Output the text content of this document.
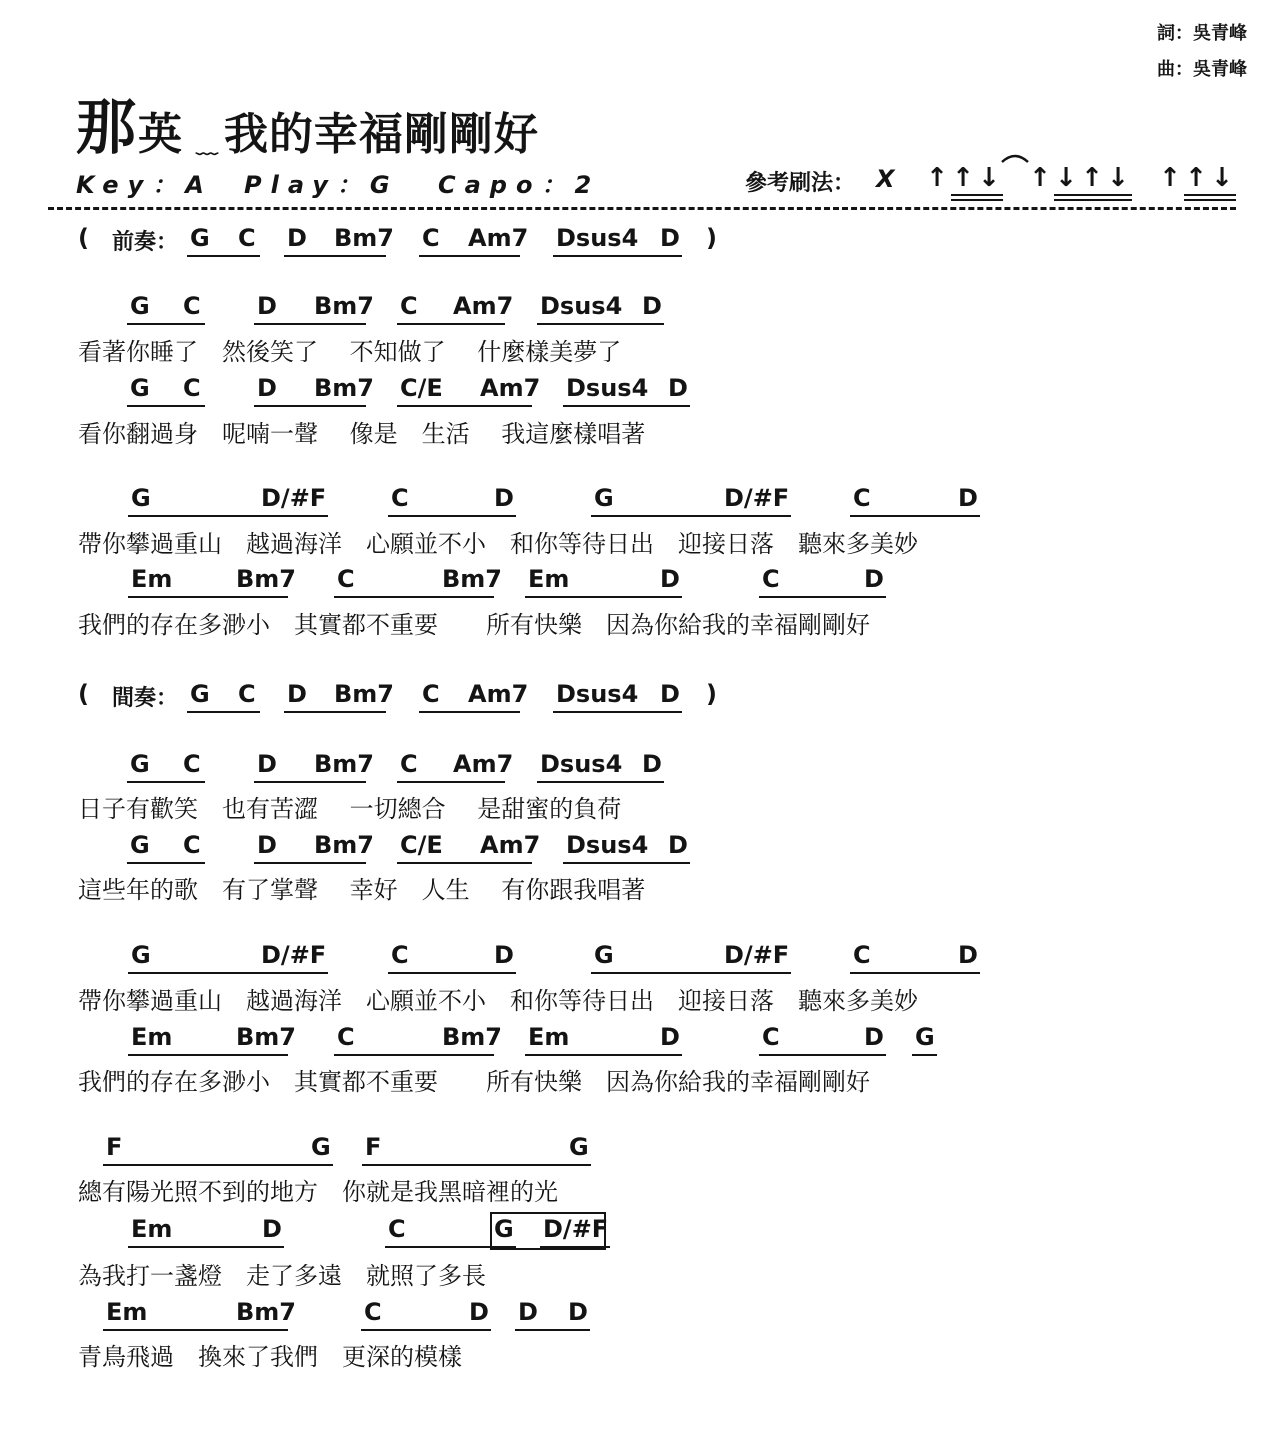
詞：吳青峰
曲：吳青峰
那 英 ﹏ 我的幸福剛剛好
Key：A Play：G Capo：2	參考刷法： X ↑ ↑ ↓ ↑ ↓ ↑ ↓ ↑ ↑ ↓
( 前奏：	)
G C D Bm7 C Am7 Dsus4 D
G C D Bm7 C Am7 Dsus4 D
看著你睡了　然後笑了　 不知做了　 什麼樣美夢了
G C D Bm7 C/E Am7 Dsus4 D
看你翻過身　呢喃一聲　 像是　生活　 我這麼樣唱著
G	D/#F	C	D	G	D/#F	C	D
帶你攀過重山　越過海洋　心願並不小　和你等待日出　迎接日落　聽來多美妙
Em	Bm7 C	Bm7 Em	D	C	D
我們的存在多渺小　其實都不重要　　所有快樂　因為你給我的幸福剛剛好
( 間奏：	)
G C D Bm7 C Am7 Dsus4 D
G C D Bm7 C Am7 Dsus4 D
日子有歡笑　也有苦澀　 一切總合　 是甜蜜的負荷
G C D Bm7 C/E Am7 Dsus4 D
這些年的歌　有了掌聲　 幸好　人生　 有你跟我唱著
G	D/#F	C	D	G	D/#F	C	D
帶你攀過重山　越過海洋　心願並不小　和你等待日出　迎接日落　聽來多美妙
Em	Bm7 C	Bm7 Em	D	C	D G
我們的存在多渺小　其實都不重要　　所有快樂　因為你給我的幸福剛剛好
F	G F	G
總有陽光照不到的地方　你就是我黑暗裡的光
Em	D	C	G D/#F
為我打一盞燈　走了多遠　就照了多長
Em	Bm7	C	D D D
青鳥飛過　換來了我們　更深的模樣
